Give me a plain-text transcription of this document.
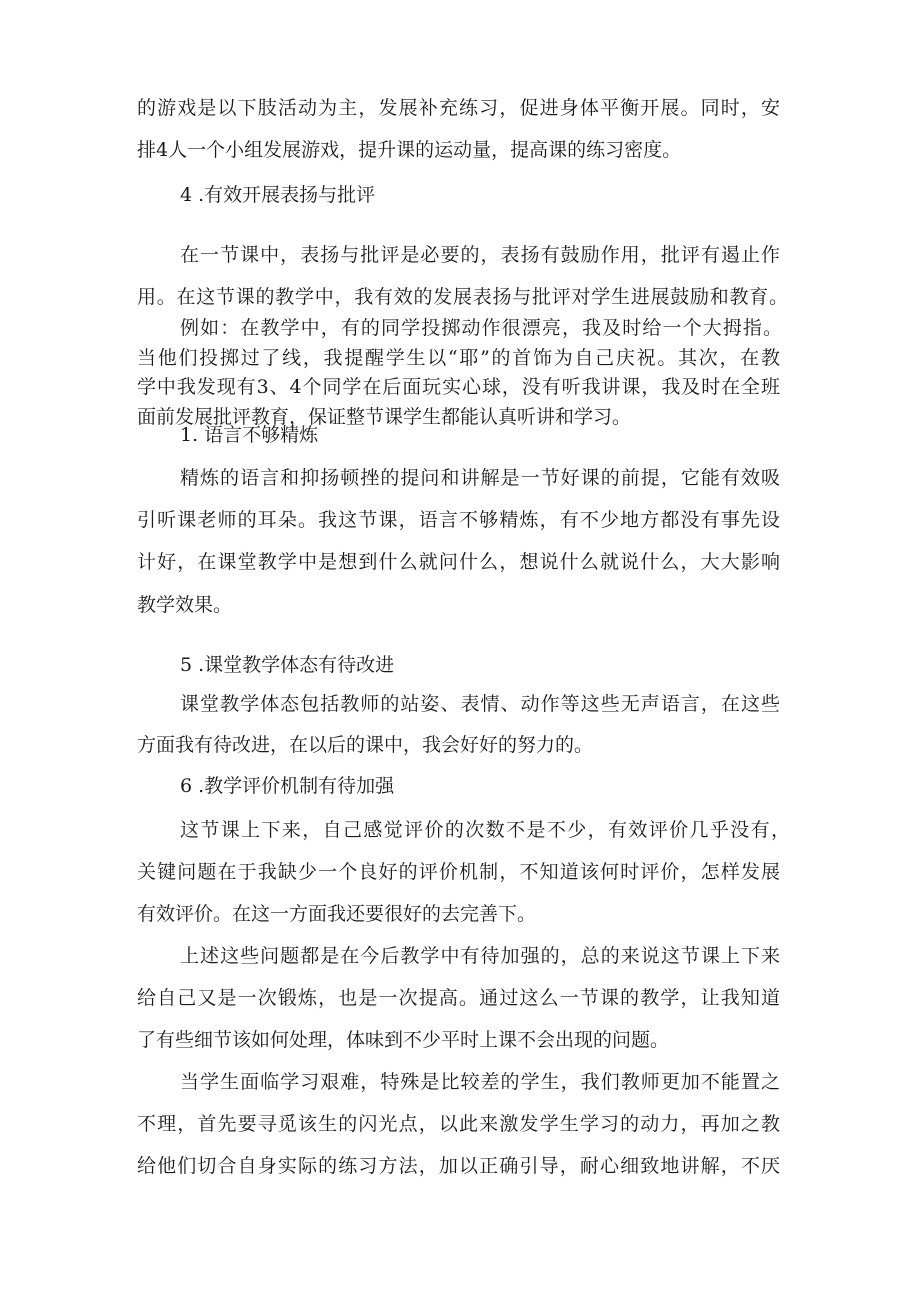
的游戏是以下肢活动为主，发展补充练习，促进身体平衡开展。同时，安
排4人一个小组发展游戏，提升课的运动量，提高课的练习密度。
4 .有效开展表扬与批评
在一节课中，表扬与批评是必要的，表扬有鼓励作用，批评有遏止作
用。在这节课的教学中，我有效的发展表扬与批评对学生进展鼓励和教育。
例如：在教学中，有的同学投掷动作很漂亮，我及时给一个大拇指。
当他们投掷过了线，我提醒学生以“耶”的首饰为自己庆祝。其次，在教
学中我发现有3、4个同学在后面玩实心球，没有听我讲课，我及时在全班
面前发展批评教育，保证整节课学生都能认真听讲和学习。
1. 语言不够精炼
精炼的语言和抑扬顿挫的提问和讲解是一节好课的前提，它能有效吸
引听课老师的耳朵。我这节课，语言不够精炼，有不少地方都没有事先设
计好，在课堂教学中是想到什么就问什么，想说什么就说什么，大大影响
教学效果。
5 .课堂教学体态有待改进
课堂教学体态包括教师的站姿、表情、动作等这些无声语言，在这些
方面我有待改进，在以后的课中，我会好好的努力的。
6 .教学评价机制有待加强
这节课上下来，自己感觉评价的次数不是不少，有效评价几乎没有，
关键问题在于我缺少一个良好的评价机制，不知道该何时评价，怎样发展
有效评价。在这一方面我还要很好的去完善下。
上述这些问题都是在今后教学中有待加强的，总的来说这节课上下来
给自己又是一次锻炼，也是一次提高。通过这么一节课的教学，让我知道
了有些细节该如何处理，体味到不少平时上课不会出现的问题。
当学生面临学习艰难，特殊是比较差的学生，我们教师更加不能置之
不理，首先要寻觅该生的闪光点，以此来激发学生学习的动力，再加之教
给他们切合自身实际的练习方法，加以正确引导，耐心细致地讲解，不厌
